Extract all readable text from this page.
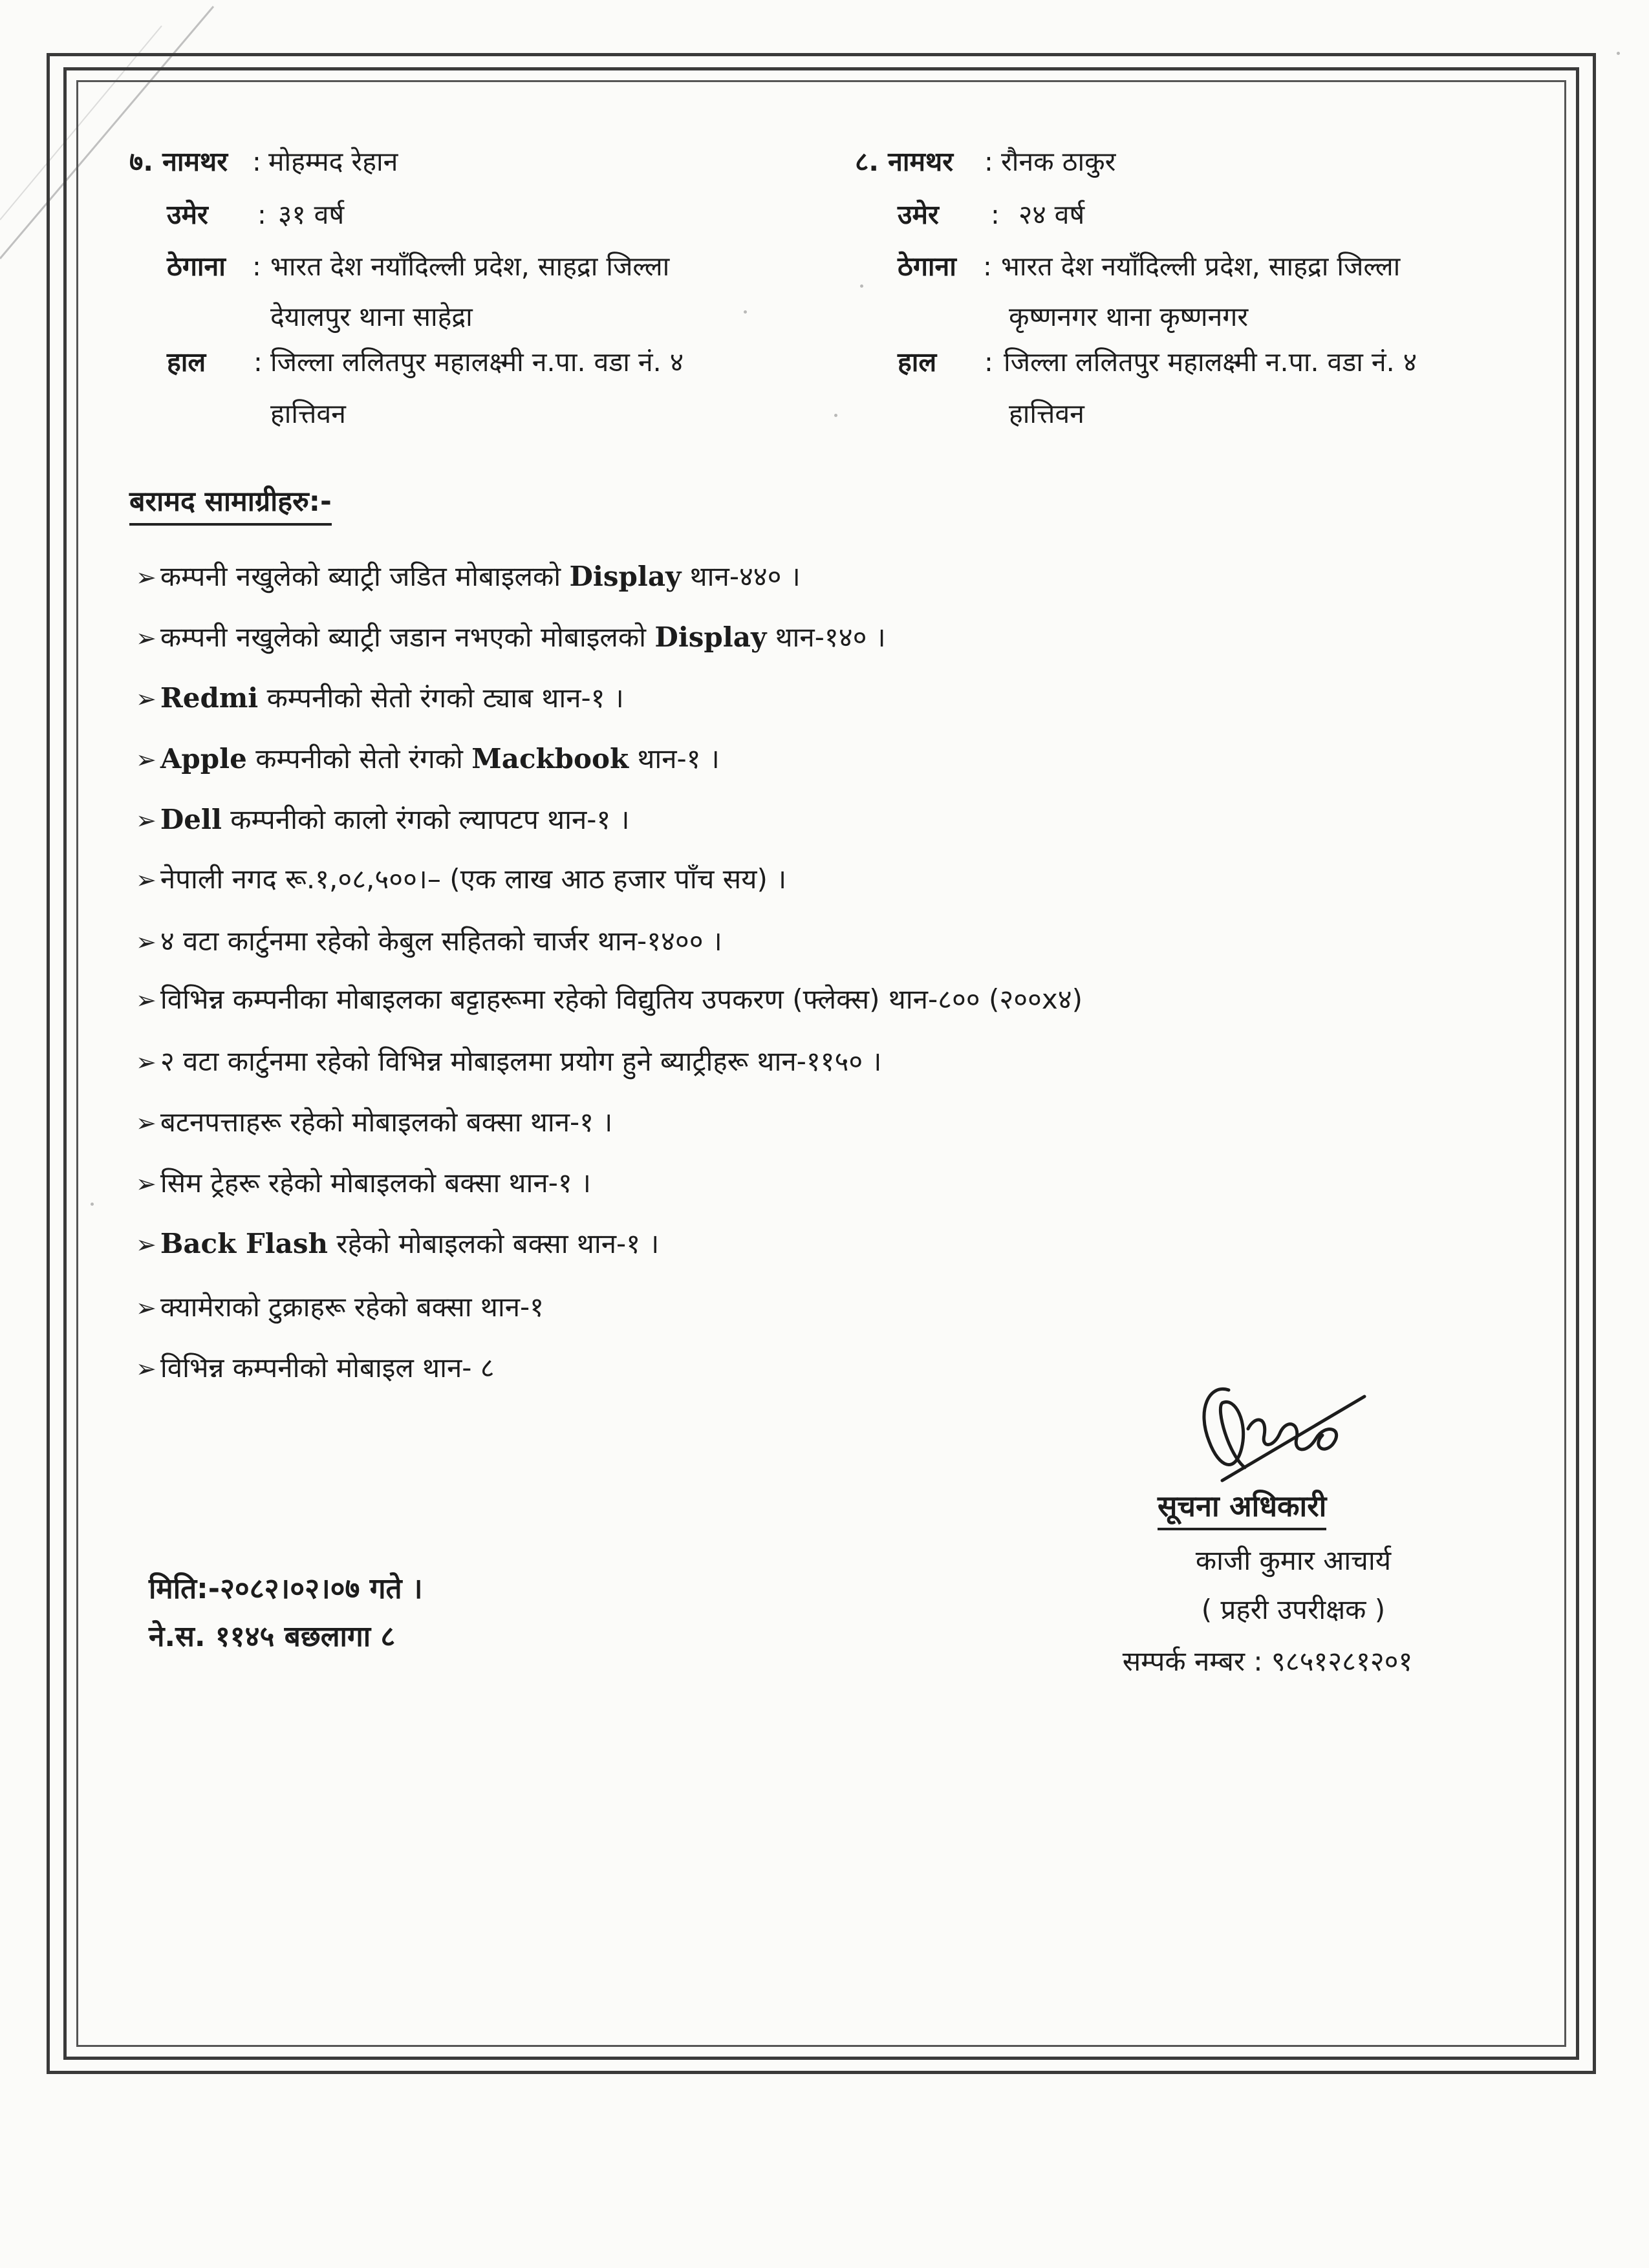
७. नामथर : मोहम्मद रेहान
उमेर : ३१ वर्ष
ठेगाना : भारत देश नयाँदिल्ली प्रदेश, साहद्रा जिल्ला
देयालपुर थाना साहेद्रा
हाल : जिल्ला ललितपुर महालक्ष्मी न.पा. वडा नं. ४
हात्तिवन
८. नामथर : रौनक ठाकुर
उमेर : २४ वर्ष
ठेगाना : भारत देश नयाँदिल्ली प्रदेश, साहद्रा जिल्ला
कृष्णनगर थाना कृष्णनगर
हाल : जिल्ला ललितपुर महालक्ष्मी न.पा. वडा नं. ४
हात्तिवन
बरामद सामाग्रीहरु:-
➢ कम्पनी नखुलेको ब्याट्री जडित मोबाइलको Display थान-४४० ।
➢ कम्पनी नखुलेको ब्याट्री जडान नभएको मोबाइलको Display थान-१४० ।
➢ Redmi कम्पनीको सेतो रंगको ट्याब थान-१ ।
➢ Apple कम्पनीको सेतो रंगको Mackbook थान-१ ।
➢ Dell कम्पनीको कालो रंगको ल्यापटप थान-१ ।
➢ नेपाली नगद रू.१,०८,५००।– (एक लाख आठ हजार पाँच सय) ।
➢ ४ वटा कार्टुनमा रहेको केबुल सहितको चार्जर थान-१४०० ।
➢ विभिन्न कम्पनीका मोबाइलका बट्टाहरूमा रहेको विद्युतिय उपकरण (फ्लेक्स) थान-८०० (२००x४)
➢ २ वटा कार्टुनमा रहेको विभिन्न मोबाइलमा प्रयोग हुने ब्याट्रीहरू थान-११५० ।
➢ बटनपत्ताहरू रहेको मोबाइलको बक्सा थान-१ ।
➢ सिम ट्रेहरू रहेको मोबाइलको बक्सा थान-१ ।
➢ Back Flash रहेको मोबाइलको बक्सा थान-१ ।
➢ क्यामेराको टुक्राहरू रहेको बक्सा थान-१
➢ विभिन्न कम्पनीको मोबाइल थान- ८
मिति:-२०८२।०२।०७ गते ।
ने.स. ११४५ बछलागा ८
सूचना अधिकारी
काजी कुमार आचार्य
( प्रहरी उपरीक्षक )
सम्पर्क नम्बर : ९८५१२८१२०१
